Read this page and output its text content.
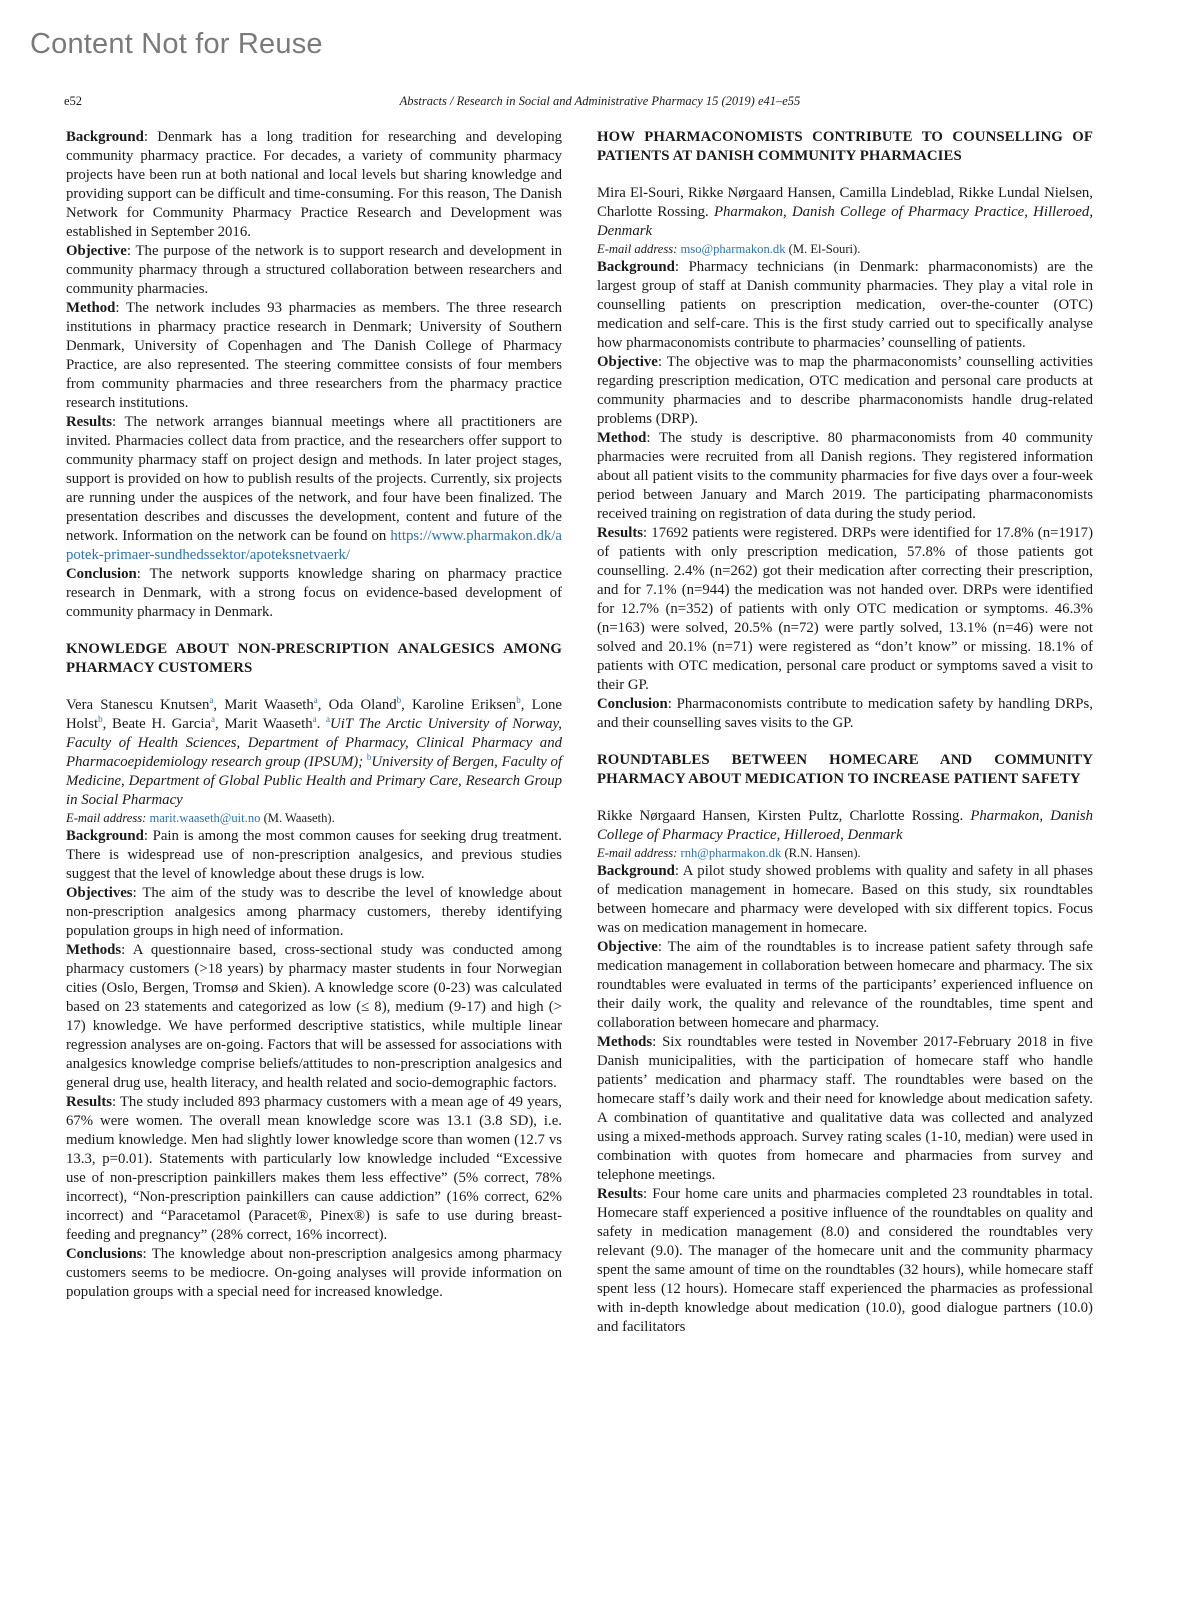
Content Not for Reuse
e52	Abstracts / Research in Social and Administrative Pharmacy 15 (2019) e41–e55

Background: Denmark has a long tradition for researching and developing community pharmacy practice. For decades, a variety of community pharmacy projects have been run at both national and local levels but sharing knowledge and providing support can be difficult and time-consuming. For this reason, The Danish Network for Community Pharmacy Practice Research and Development was established in September 2016.

Objective: The purpose of the network is to support research and development in community pharmacy through a structured collaboration between researchers and community pharmacies.

Method: The network includes 93 pharmacies as members. The three research institutions in pharmacy practice research in Denmark; University of Southern Denmark, University of Copenhagen and The Danish College of Pharmacy Practice, are also represented. The steering committee consists of four members from community pharmacies and three researchers from the pharmacy practice research institutions.

Results: The network arranges biannual meetings where all practitioners are invited. Pharmacies collect data from practice, and the researchers offer support to community pharmacy staff on project design and methods. In later project stages, support is provided on how to publish results of the projects. Currently, six projects are running under the auspices of the network, and four have been finalized. The presentation describes and discusses the development, content and future of the network. Information on the network can be found on https://www.pharmakon.dk/apotek-primaer-sundhedssektor/apoteksnetvaerk/

Conclusion: The network supports knowledge sharing on pharmacy practice research in Denmark, with a strong focus on evidence-based development of community pharmacy in Denmark.

KNOWLEDGE ABOUT NON-PRESCRIPTION ANALGESICS AMONG PHARMACY CUSTOMERS

Vera Stanescu Knutsen$^a$, Marit Waaseth$^a$, Oda Oland$^b$, Karoline Eriksen$^b$, Lone Holst$^b$, Beate H. Garcia$^a$, Marit Waaseth$^a$. $^a$UiT The Arctic University of Norway, Faculty of Health Sciences, Department of Pharmacy, Clinical Pharmacy and Pharmacoepidemiology research group (IPSUM); $^b$University of Bergen, Faculty of Medicine, Department of Global Public Health and Primary Care, Research Group in Social Pharmacy

E-mail address: marit.waaseth@uit.no (M. Waaseth).

Background: Pain is among the most common causes for seeking drug treatment. There is widespread use of non-prescription analgesics, and previous studies suggest that the level of knowledge about these drugs is low.

Objectives: The aim of the study was to describe the level of knowledge about non-prescription analgesics among pharmacy customers, thereby identifying population groups in high need of information.

Methods: A questionnaire based, cross-sectional study was conducted among pharmacy customers (>18 years) by pharmacy master students in four Norwegian cities (Oslo, Bergen, Tromsø and Skien). A knowledge score (0-23) was calculated based on 23 statements and categorized as low (≤ 8), medium (9-17) and high (> 17) knowledge. We have performed descriptive statistics, while multiple linear regression analyses are on-going. Factors that will be assessed for associations with analgesics knowledge comprise beliefs/attitudes to non-prescription analgesics and general drug use, health literacy, and health related and socio-demographic factors.

Results: The study included 893 pharmacy customers with a mean age of 49 years, 67% were women. The overall mean knowledge score was 13.1 (3.8 SD), i.e. medium knowledge. Men had slightly lower knowledge score than women (12.7 vs 13.3, p=0.01). Statements with particularly low knowledge included “Excessive use of non-prescription painkillers makes them less effective” (5% correct, 78% incorrect), “Non-prescription painkillers can cause addiction” (16% correct, 62% incorrect) and “Paracetamol (Paracet®, Pinex®) is safe to use during breast-feeding and pregnancy” (28% correct, 16% incorrect).

Conclusions: The knowledge about non-prescription analgesics among pharmacy customers seems to be mediocre. On-going analyses will provide information on population groups with a special need for increased knowledge.

HOW PHARMACONOMISTS CONTRIBUTE TO COUNSELLING OF PATIENTS AT DANISH COMMUNITY PHARMACIES

Mira El-Souri, Rikke Nørgaard Hansen, Camilla Lindeblad, Rikke Lundal Nielsen, Charlotte Rossing. Pharmakon, Danish College of Pharmacy Practice, Hilleroed, Denmark

E-mail address: mso@pharmakon.dk (M. El-Souri).

Background: Pharmacy technicians (in Denmark: pharmaconomists) are the largest group of staff at Danish community pharmacies. They play a vital role in counselling patients on prescription medication, over-the-counter (OTC) medication and self-care. This is the first study carried out to specifically analyse how pharmaconomists contribute to pharmacies’ counselling of patients.

Objective: The objective was to map the pharmaconomists’ counselling activities regarding prescription medication, OTC medication and personal care products at community pharmacies and to describe pharmaconomists handle drug-related problems (DRP).

Method: The study is descriptive. 80 pharmaconomists from 40 community pharmacies were recruited from all Danish regions. They registered information about all patient visits to the community pharmacies for five days over a four-week period between January and March 2019. The participating pharmaconomists received training on registration of data during the study period.

Results: 17692 patients were registered. DRPs were identified for 17.8% (n=1917) of patients with only prescription medication, 57.8% of those patients got counselling. 2.4% (n=262) got their medication after correcting their prescription, and for 7.1% (n=944) the medication was not handed over. DRPs were identified for 12.7% (n=352) of patients with only OTC medication or symptoms. 46.3% (n=163) were solved, 20.5% (n=72) were partly solved, 13.1% (n=46) were not solved and 20.1% (n=71) were registered as “don’t know” or missing. 18.1% of patients with OTC medication, personal care product or symptoms saved a visit to their GP.

Conclusion: Pharmaconomists contribute to medication safety by handling DRPs, and their counselling saves visits to the GP.

ROUNDTABLES BETWEEN HOMECARE AND COMMUNITY PHARMACY ABOUT MEDICATION TO INCREASE PATIENT SAFETY

Rikke Nørgaard Hansen, Kirsten Pultz, Charlotte Rossing. Pharmakon, Danish College of Pharmacy Practice, Hilleroed, Denmark

E-mail address: rnh@pharmakon.dk (R.N. Hansen).

Background: A pilot study showed problems with quality and safety in all phases of medication management in homecare. Based on this study, six roundtables between homecare and pharmacy were developed with six different topics. Focus was on medication management in homecare.

Objective: The aim of the roundtables is to increase patient safety through safe medication management in collaboration between homecare and pharmacy. The six roundtables were evaluated in terms of the participants’ experienced influence on their daily work, the quality and relevance of the roundtables, time spent and collaboration between homecare and pharmacy.

Methods: Six roundtables were tested in November 2017-February 2018 in five Danish municipalities, with the participation of homecare staff who handle patients’ medication and pharmacy staff. The roundtables were based on the homecare staff’s daily work and their need for knowledge about medication safety. A combination of quantitative and qualitative data was collected and analyzed using a mixed-methods approach. Survey rating scales (1-10, median) were used in combination with quotes from homecare and pharmacies from survey and telephone meetings.

Results: Four home care units and pharmacies completed 23 roundtables in total. Homecare staff experienced a positive influence of the roundtables on quality and safety in medication management (8.0) and considered the roundtables very relevant (9.0). The manager of the homecare unit and the community pharmacy spent the same amount of time on the roundtables (32 hours), while homecare staff spent less (12 hours). Homecare staff experienced the pharmacies as professional with in-depth knowledge about medication (10.0), good dialogue partners (10.0) and facilitators
